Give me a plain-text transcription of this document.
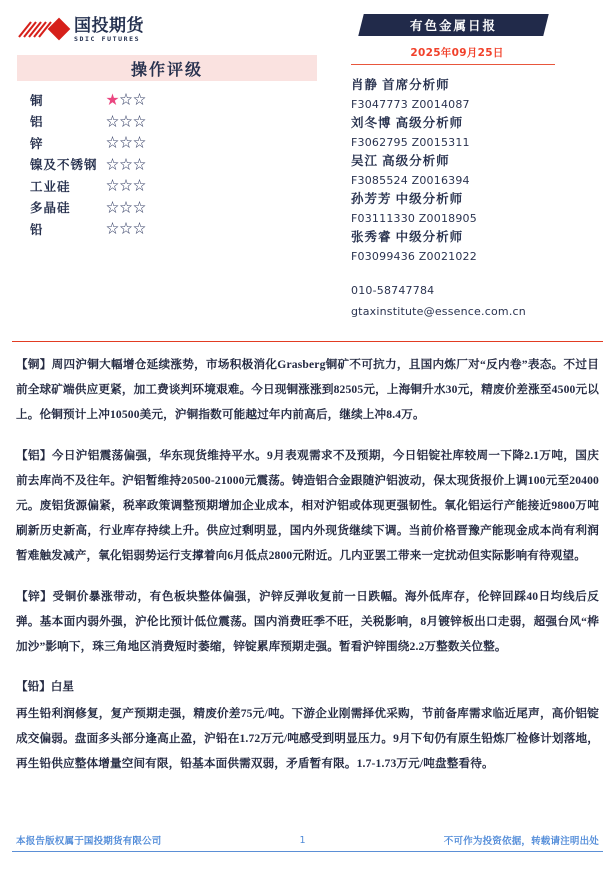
国投期货
SDIC FUTURES
操作评级
铜	★☆☆
铝	☆☆☆
锌	☆☆☆
镍及不锈钢 ☆☆☆
工业硅	☆☆☆
多晶硅	☆☆☆
铅	☆☆☆
有色金属日报
2025年09月25日
肖静 首席分析师
F3047773 Z0014087
刘冬博 高级分析师
F3062795 Z0015311
吴江 高级分析师
F3085524 Z0016394
孙芳芳 中级分析师
F03111330 Z0018905
张秀睿 中级分析师
F03099436 Z0021022
010-58747784
gtaxinstitute@essence.com.cn

【铜】周四沪铜大幅增仓延续涨势，市场积极消化Grasberg铜矿不可抗力，且国内炼厂对“反内卷”表态。不过目前全球矿端供应更紧，加工费谈判环境艰难。今日现铜涨涨到82505元，上海铜升水30元，精废价差涨至4500元以上。伦铜预计上冲10500美元，沪铜指数可能越过年内前高后，继续上冲8.4万。

【铝】今日沪铝震荡偏强，华东现货维持平水。9月表观需求不及预期，今日铝锭社库较周一下降2.1万吨，国庆前去库尚不及往年。沪铝暂维持20500-21000元震荡。铸造铝合金跟随沪铝波动，保太现货报价上调100元至20400元。废铝货源偏紧，税率政策调整预期增加企业成本，相对沪铝或体现更强韧性。氧化铝运行产能接近9800万吨刷新历史新高，行业库存持续上升。供应过剩明显，国内外现货继续下调。当前价格晋豫产能现金成本尚有利润暂难触发减产，氧化铝弱势运行支撑着向6月低点2800元附近。几内亚罢工带来一定扰动但实际影响有待观望。

【锌】受铜价暴涨带动，有色板块整体偏强，沪锌反弹收复前一日跌幅。海外低库存，伦锌回踩40日均线后反弹。基本面内弱外强，沪伦比预计低位震荡。国内消费旺季不旺，关税影响，8月镀锌板出口走弱，超强台风“桦加沙”影响下，珠三角地区消费短时萎缩，锌锭累库预期走强。暂看沪锌围绕2.2万整数关位整。

【铅】白星

再生铅利润修复，复产预期走强，精废价差75元/吨。下游企业刚需择优采购，节前备库需求临近尾声，高价铝锭成交偏弱。盘面多头部分逢高止盈，沪铅在1.72万元/吨感受到明显压力。9月下旬仍有原生铅炼厂检修计划落地，再生铅供应整体增量空间有限，铅基本面供需双弱，矛盾暂有限。1.7-1.73万元/吨盘整看待。

本报告版权属于国投期货有限公司	1	不可作为投资依据，转载请注明出处
